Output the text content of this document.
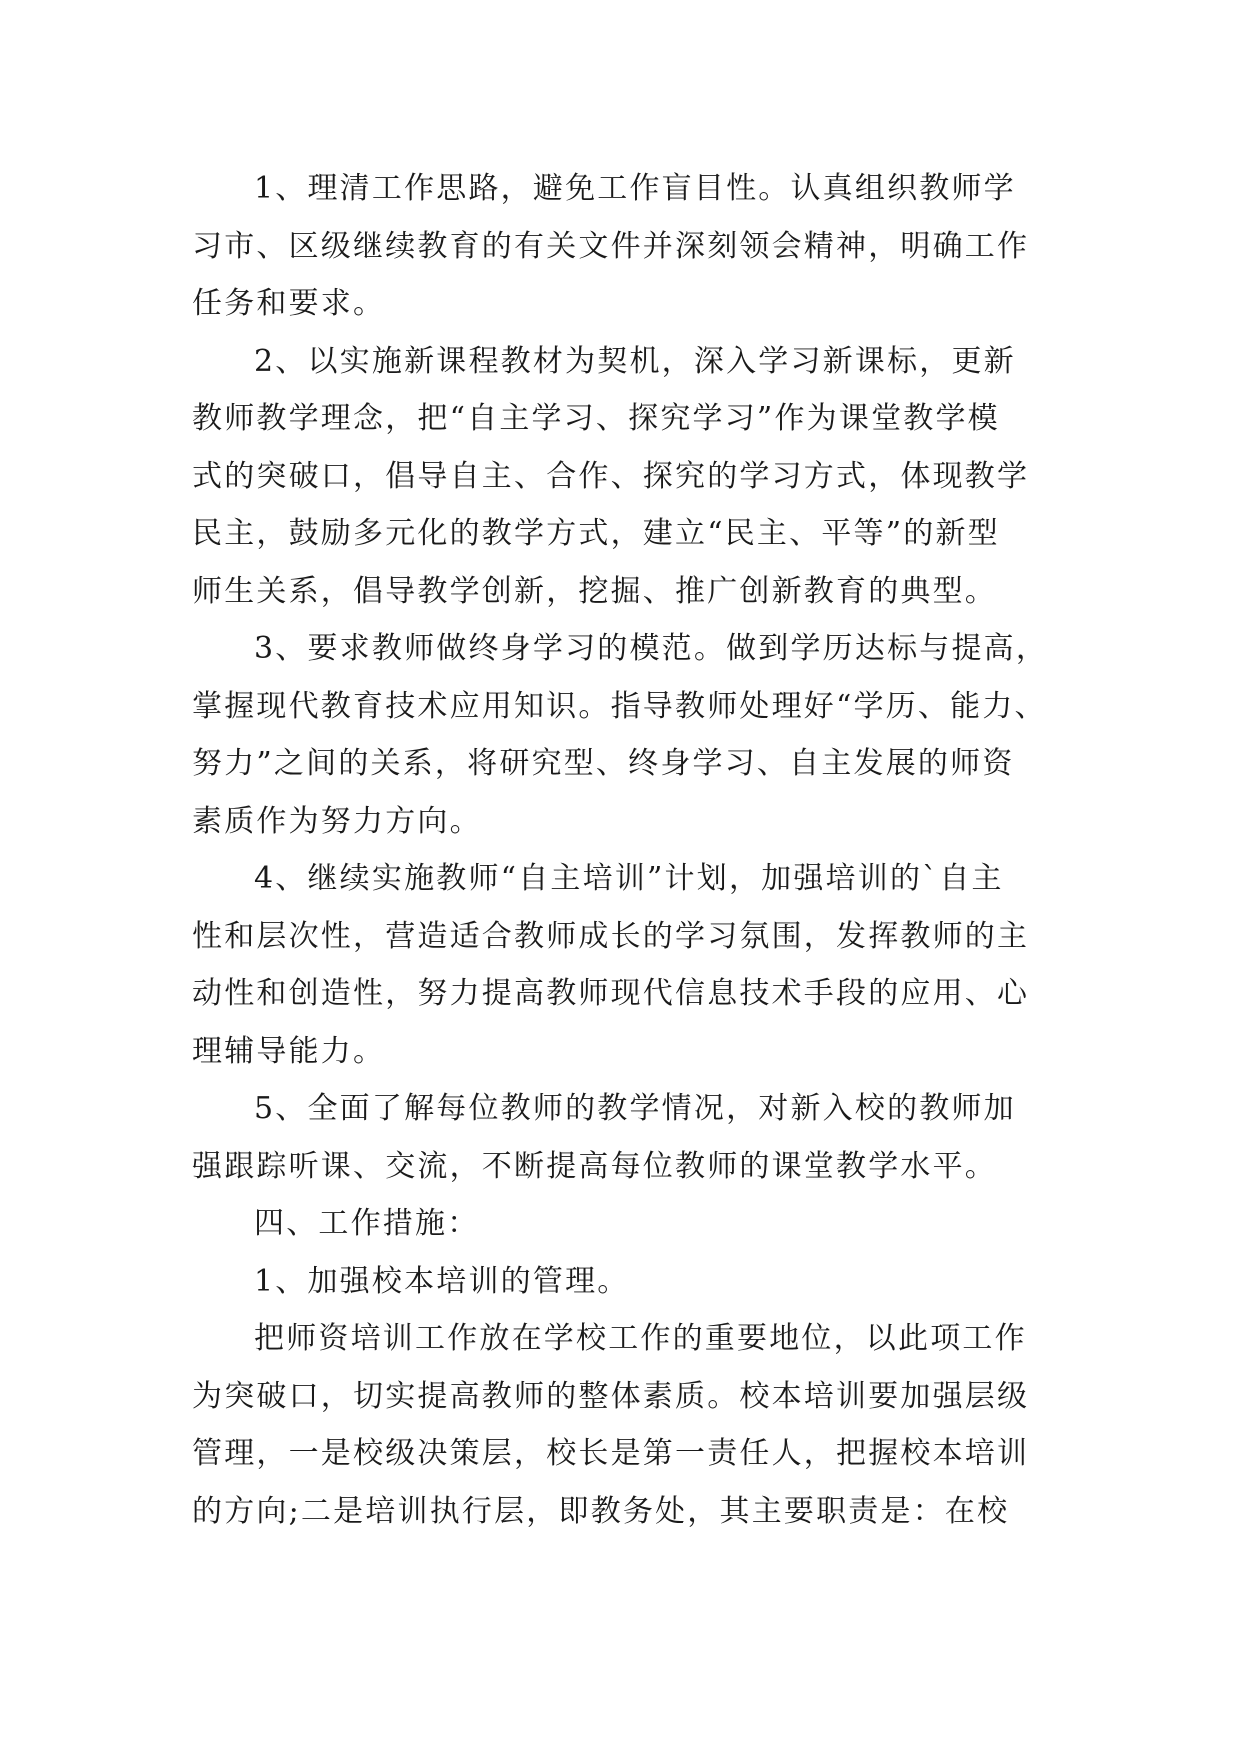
1、理清工作思路，避免工作盲目性。认真组织教师学
习市、区级继续教育的有关文件并深刻领会精神，明确工作
任务和要求。
2、以实施新课程教材为契机，深入学习新课标，更新
教师教学理念，把“自主学习、探究学习”作为课堂教学模
式的突破口，倡导自主、合作、探究的学习方式，体现教学
民主，鼓励多元化的教学方式，建立“民主、平等”的新型
师生关系，倡导教学创新，挖掘、推广创新教育的典型。
3、要求教师做终身学习的模范。做到学历达标与提高，
掌握现代教育技术应用知识。指导教师处理好“学历、能力、
努力”之间的关系，将研究型、终身学习、自主发展的师资
素质作为努力方向。
4、继续实施教师“自主培训”计划，加强培训的`自主
性和层次性，营造适合教师成长的学习氛围，发挥教师的主
动性和创造性，努力提高教师现代信息技术手段的应用、心
理辅导能力。
5、全面了解每位教师的教学情况，对新入校的教师加
强跟踪听课、交流，不断提高每位教师的课堂教学水平。
四、工作措施：
1、加强校本培训的管理。
把师资培训工作放在学校工作的重要地位，以此项工作
为突破口，切实提高教师的整体素质。校本培训要加强层级
管理，一是校级决策层，校长是第一责任人，把握校本培训
的方向;二是培训执行层，即教务处，其主要职责是：在校
